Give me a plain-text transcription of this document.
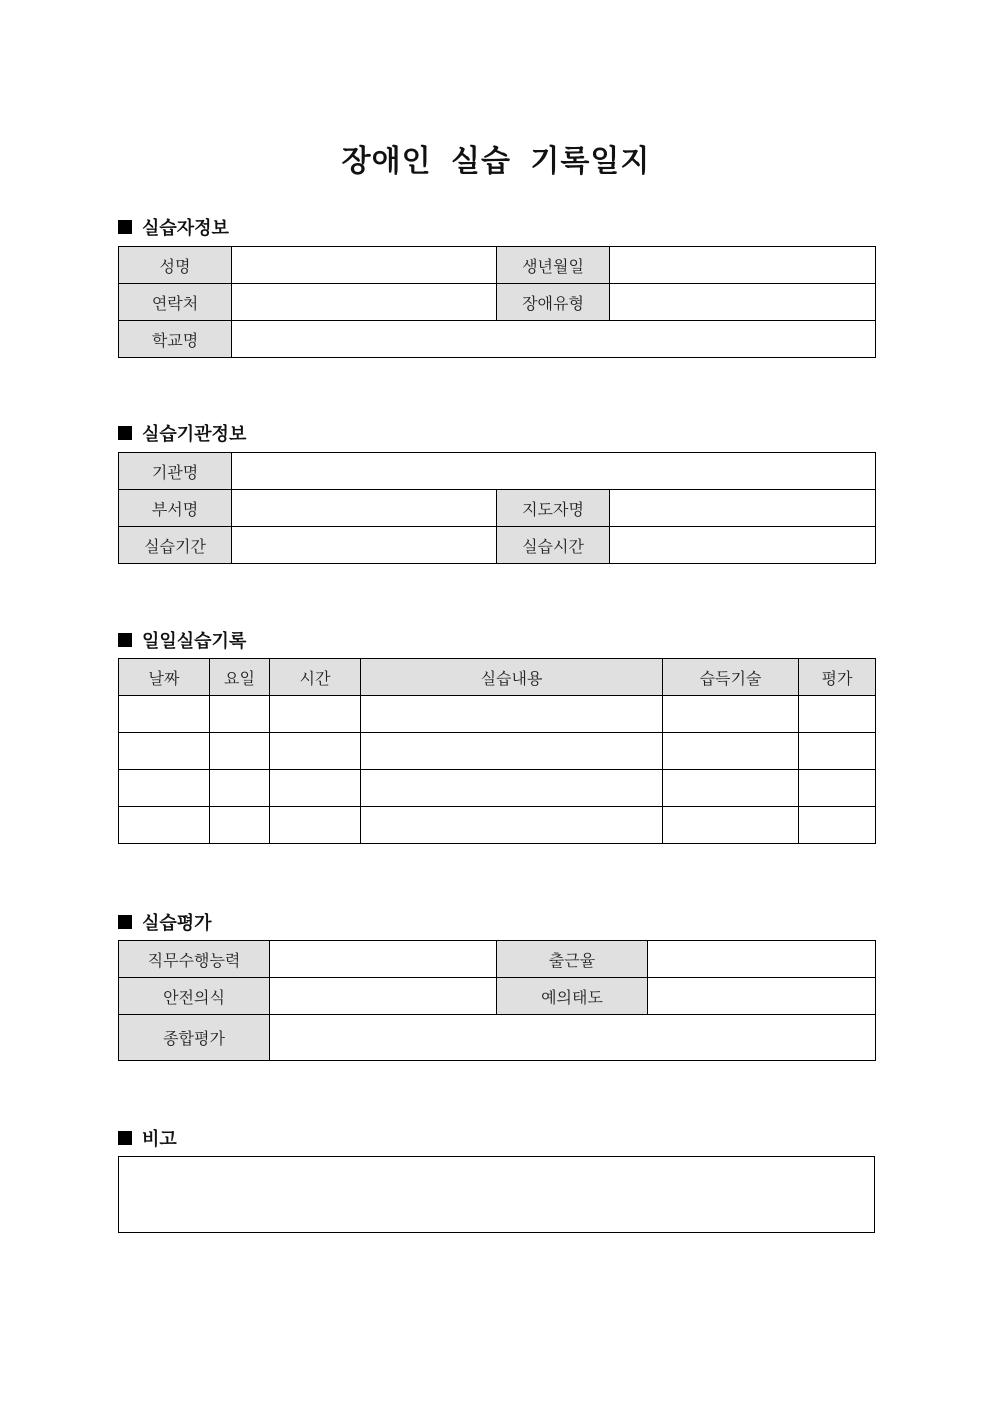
장애인 실습 기록일지
실습자정보
성명		생년월일	
연락처		장애유형	
학교명			
실습기관정보
기관명			
부서명		지도자명	
실습기간		실습시간	
일일실습기록
날짜	요일	시간	실습내용	습득기술	평가

실습평가
직무수행능력		출근율	
안전의식		예의태도	
종합평가			
비고
